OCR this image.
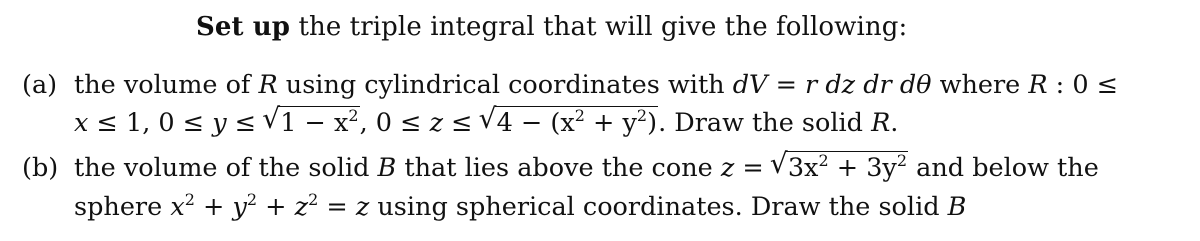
Set up the triple integral that will give the following:
(a) the volume of R using cylindrical coordinates with dV = r dz dr dθ where R : 0 ≤
x ≤ 1, 0 ≤ y ≤ √ $1 - x^2$, 0 ≤ z ≤ √ $4 - (x^2 + y^2)$. Draw the solid R.
(b) the volume of the solid B that lies above the cone z = √ $3x^2 + 3y^2$ and below the
sphere $x^2 + y^2 + z^2 = z$ using spherical coordinates. Draw the solid B
